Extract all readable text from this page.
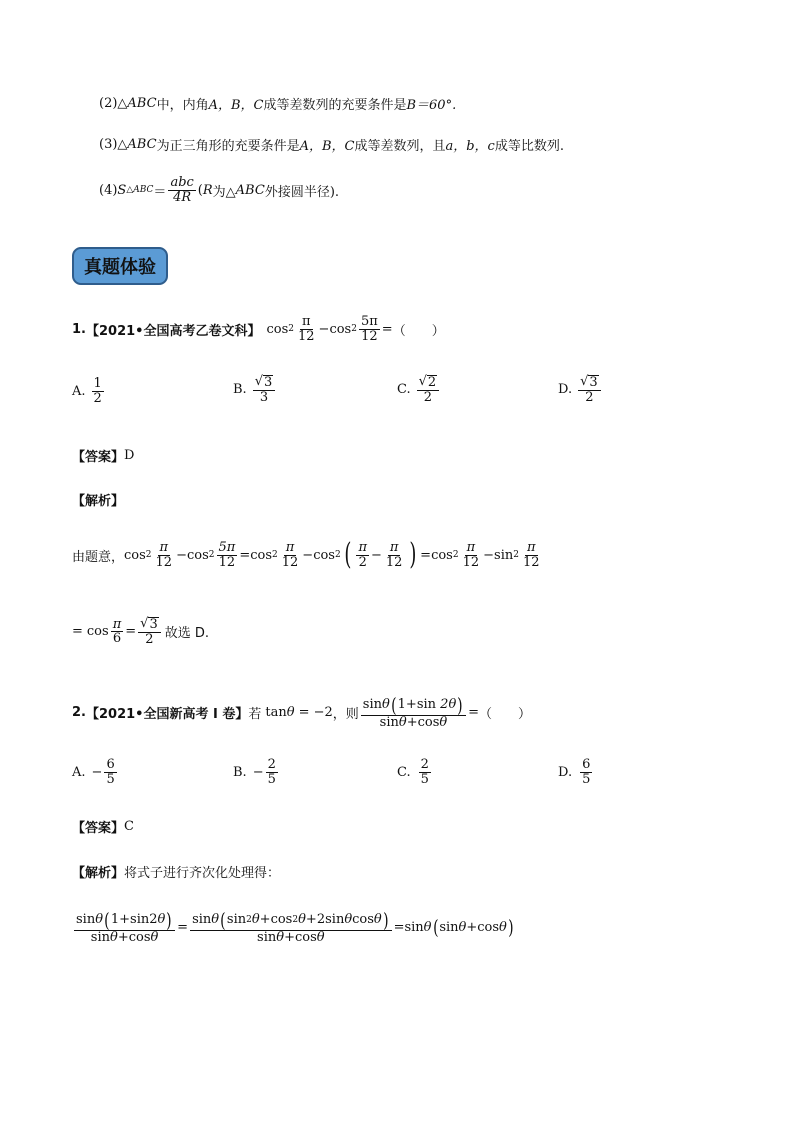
(2)△ ABC 中，内角 A，B，C 成等差数列的充要条件是 B＝60°.
(3)△ ABC 为正三角形的充要条件是 A，B，C 成等差数列，且 a，b，c 成等比数列.
(4) S △ABC ＝ $\frac{\text{abc}}{4R}$ ( R 为△ ABC 外接圆半径).
真题体验
1. 【2021•全国高考乙卷文科】 $\cos 2 \frac{\pi}{12} - \cos 2 \frac{5\pi}{12}$ = （　　）
A. $\frac{1}{2}$	B. $\frac{√ 3}{3}$	C. $\frac{√ 2}{2}$	D. $\frac{√ 3}{2}$
【答案】 D
【解析】
由题意， $\cos 2 \frac{\pi}{12} - \cos 2 \frac{5\pi}{12} = \cos 2 \frac{\pi}{12} - \cos 2$ ( $\frac{\pi}{2} - \frac{\pi}{12}$ ) = $\cos 2 \frac{\pi}{12} - \sin 2 \frac{\pi}{12}$
= $\cos \frac{\pi}{6} = \frac{√ 3}{2}$ 故选 D.
2. 【2021•全国新高考 I 卷】 若 tan θ = −2 ，则 sin θ ( 1 + sin
2θ )
sin θ + cos θ = （　　）
A. − $\frac{6}{5}$	B. − $\frac{2}{5}$	C. $\frac{2}{5}$	D. $\frac{6}{5}$
【答案】 C
【解析】 将式子进行齐次化处理得：
$\frac{\text{sin θ ( 1 + sin 2 θ )}}{\text{sin θ + cos θ}}$ =
sin θ ( sin 2 θ + cos 2 θ + 2 sin θ cos θ )
sin θ + cos θ
= sin θ ( sin θ + cos θ )
